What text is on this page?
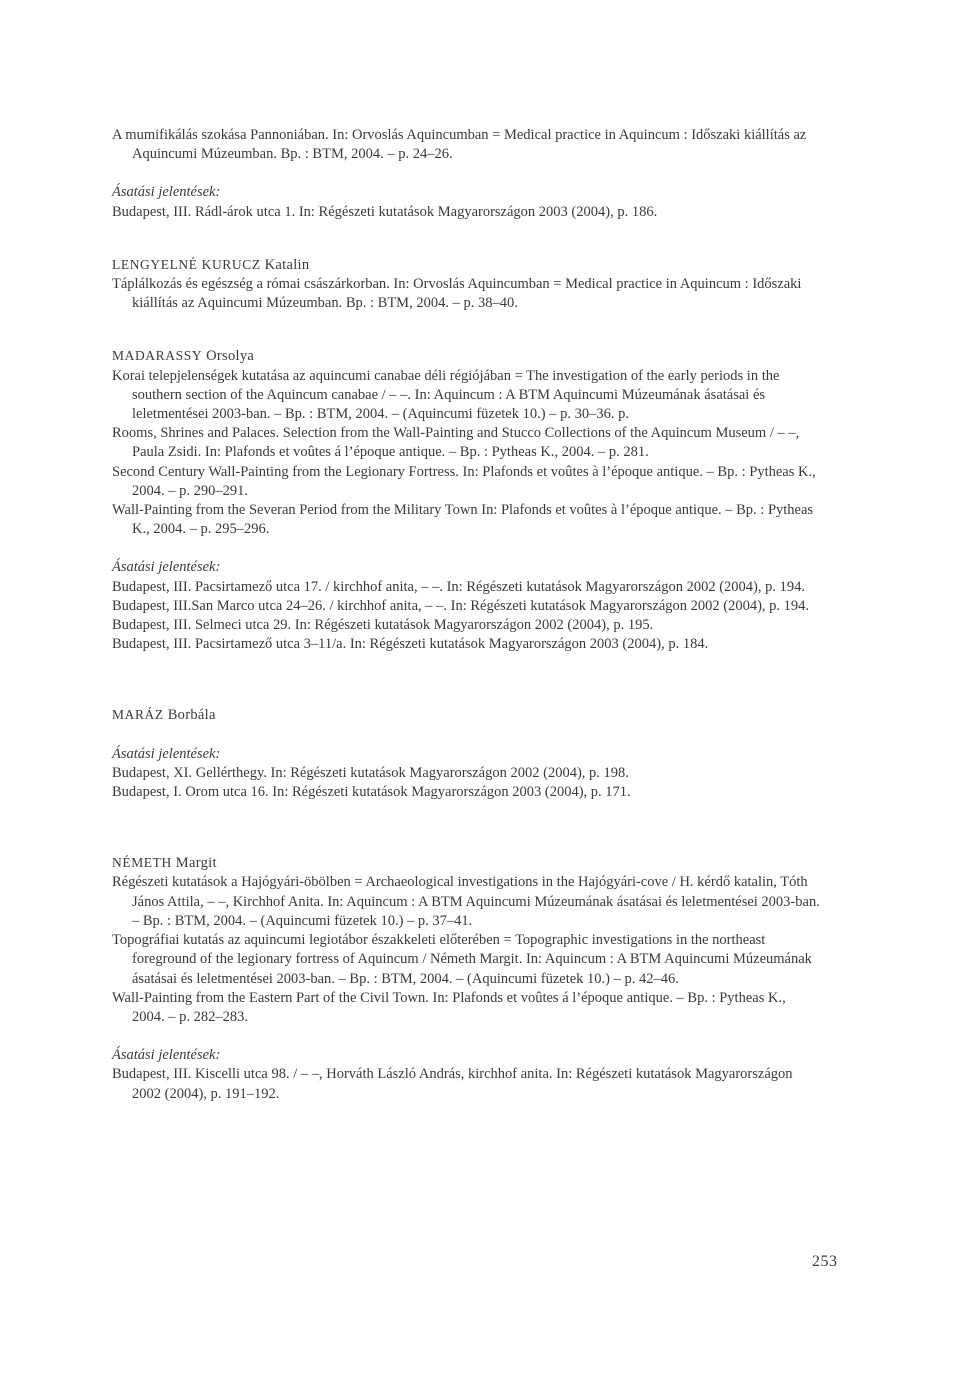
A mumifikálás szokása Pannoniában. In: Orvoslás Aquincumban = Medical practice in Aquincum : Időszaki kiállítás az Aquincumi Múzeumban. Bp. : BTM, 2004. – p. 24–26.

Ásatási jelentések:

Budapest, III. Rádl-árok utca 1. In: Régészeti kutatások Magyarországon 2003 (2004), p. 186.

LENGYELNÉ KURUCZ Katalin

Táplálkozás és egészség a római császárkorban. In: Orvoslás Aquincumban = Medical practice in Aquincum : Időszaki kiállítás az Aquincumi Múzeumban. Bp. : BTM, 2004. – p. 38–40.

MADARASSY Orsolya

Korai telepjelenségek kutatása az aquincumi canabae déli régiójában = The investigation of the early periods in the southern section of the Aquincum canabae / – –. In: Aquincum : A BTM Aquincumi Múzeumának ásatásai és leletmentései 2003-ban. – Bp. : BTM, 2004. – (Aquincumi füzetek 10.) – p. 30–36. p.

Rooms, Shrines and Palaces. Selection from the Wall-Painting and Stucco Collections of the Aquincum Museum / – –, Paula Zsidi. In: Plafonds et voûtes á l’époque antique. – Bp. : Pytheas K., 2004. – p. 281.

Second Century Wall-Painting from the Legionary Fortress. In: Plafonds et voûtes à l’époque antique. – Bp. : Pytheas K., 2004. – p. 290–291.

Wall-Painting from the Severan Period from the Military Town In: Plafonds et voûtes à l’époque antique. – Bp. : Pytheas K., 2004. – p. 295–296.

Ásatási jelentések:

Budapest, III. Pacsirtamező utca 17. / kirchhof anita, – –. In: Régészeti kutatások Magyarországon 2002 (2004), p. 194.

Budapest, III.San Marco utca 24–26. / kirchhof anita, – –. In: Régészeti kutatások Magyarországon 2002 (2004), p. 194.

Budapest, III. Selmeci utca 29. In: Régészeti kutatások Magyarországon 2002 (2004), p. 195.

Budapest, III. Pacsirtamező utca 3–11/a. In: Régészeti kutatások Magyarországon 2003 (2004), p. 184.

MARÁZ Borbála

Ásatási jelentések:

Budapest, XI. Gellérthegy. In: Régészeti kutatások Magyarországon 2002 (2004), p. 198.

Budapest, I. Orom utca 16. In: Régészeti kutatások Magyarországon 2003 (2004), p. 171.

NÉMETH Margit

Régészeti kutatások a Hajógyári-öbölben = Archaeological investigations in the Hajógyári-cove / H. kérdő katalin, Tóth János Attila, – –, Kirchhof Anita. In: Aquincum : A BTM Aquincumi Múzeumának ásatásai és leletmentései 2003-ban. – Bp. : BTM, 2004. – (Aquincumi füzetek 10.) – p. 37–41.

Topográfiai kutatás az aquincumi legiotábor északkeleti előterében = Topographic investigations in the northeast foreground of the legionary fortress of Aquincum / Németh Margit. In: Aquincum : A BTM Aquincumi Múzeumának ásatásai és leletmentései 2003-ban. – Bp. : BTM, 2004. – (Aquincumi füzetek 10.) – p. 42–46.

Wall-Painting from the Eastern Part of the Civil Town. In: Plafonds et voûtes á l’époque antique. – Bp. : Pytheas K., 2004. – p. 282–283.

Ásatási jelentések:

Budapest, III. Kiscelli utca 98. / – –, Horváth László András, kirchhof anita. In: Régészeti kutatások Magyarországon 2002 (2004), p. 191–192.

253
